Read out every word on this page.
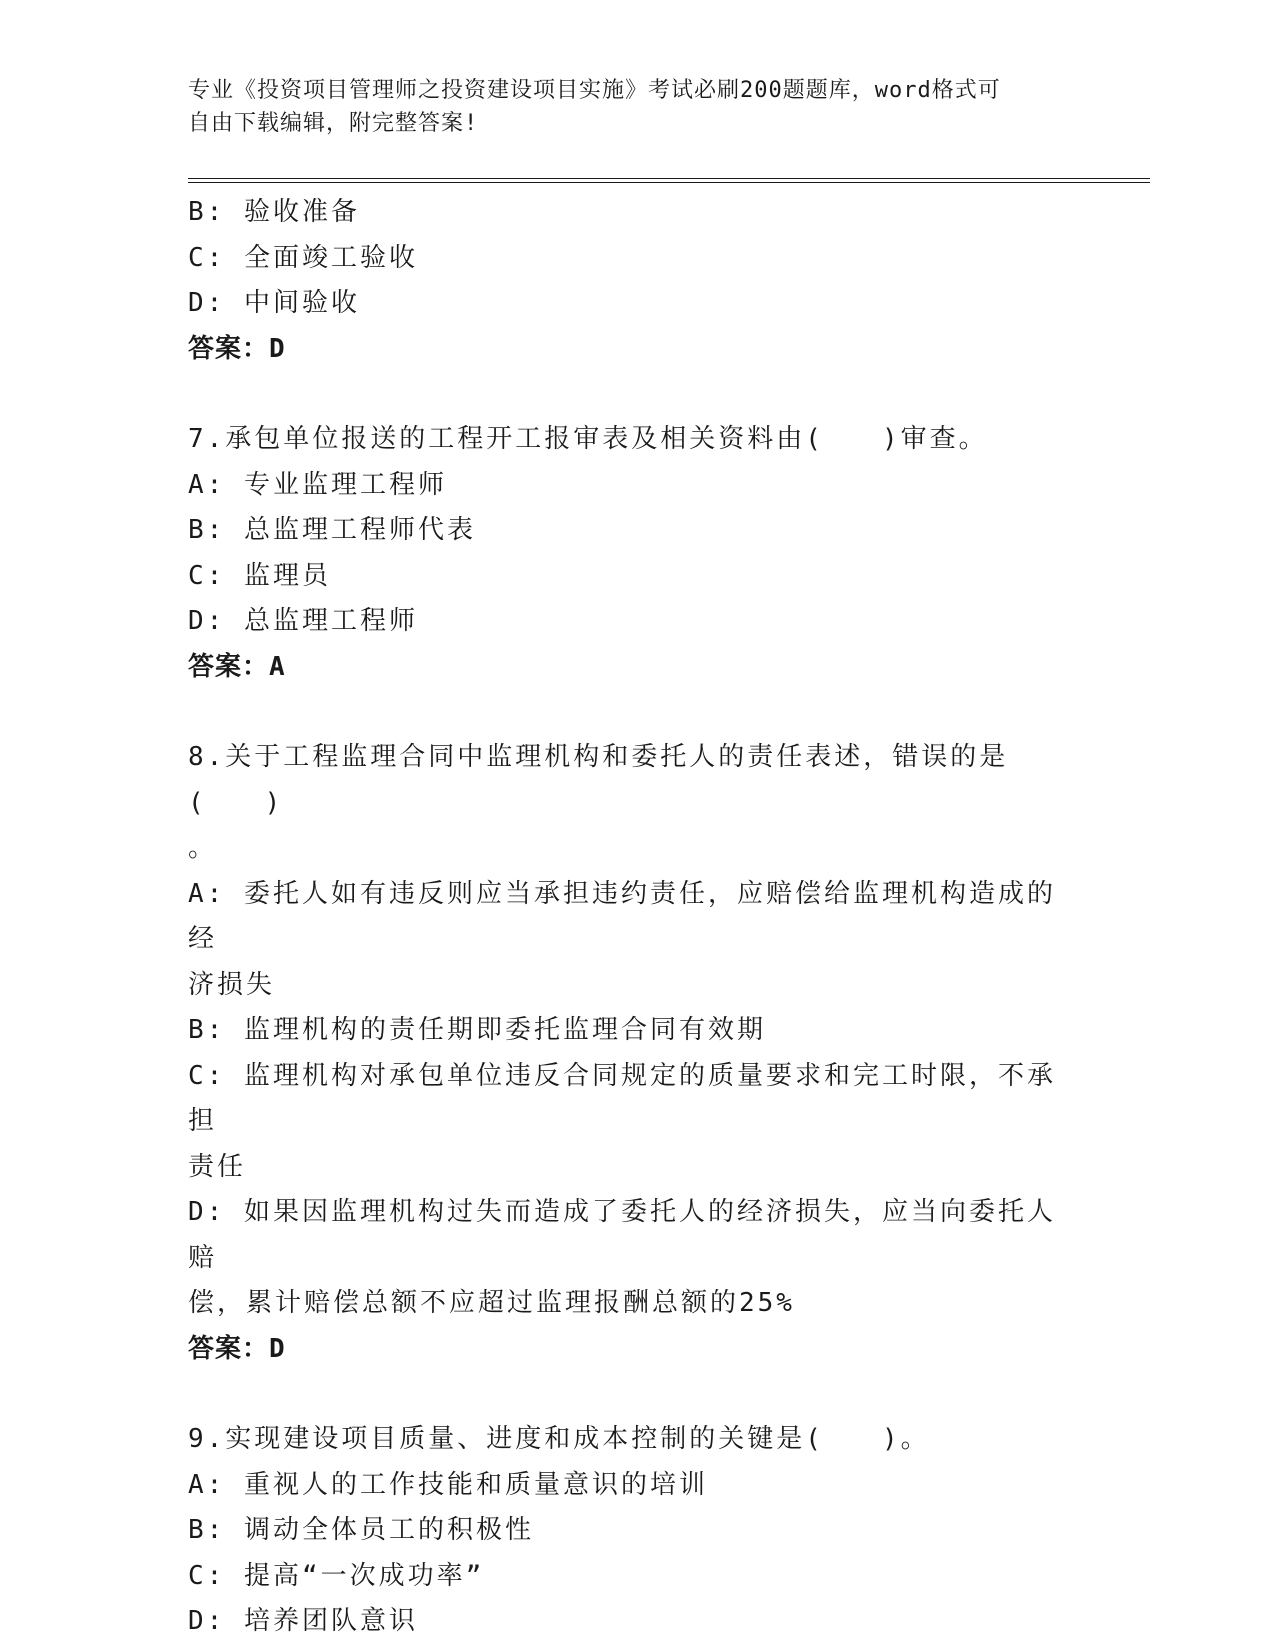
专业《投资项目管理师之投资建设项目实施》考试必刷200题题库，word格式可
自由下载编辑，附完整答案!
B: 验收准备
C: 全面竣工验收
D: 中间验收
答案：D
7.承包单位报送的工程开工报审表及相关资料由(　　)审查。
A: 专业监理工程师
B: 总监理工程师代表
C: 监理员
D: 总监理工程师
答案：A
8.关于工程监理合同中监理机构和委托人的责任表述，错误的是(　　)
。
A: 委托人如有违反则应当承担违约责任，应赔偿给监理机构造成的经
济损失
B: 监理机构的责任期即委托监理合同有效期
C: 监理机构对承包单位违反合同规定的质量要求和完工时限，不承担
责任
D: 如果因监理机构过失而造成了委托人的经济损失，应当向委托人赔
偿，累计赔偿总额不应超过监理报酬总额的25%
答案：D
9.实现建设项目质量、进度和成本控制的关键是(　　)。
A: 重视人的工作技能和质量意识的培训
B: 调动全体员工的积极性
C: 提高“一次成功率”
D: 培养团队意识
